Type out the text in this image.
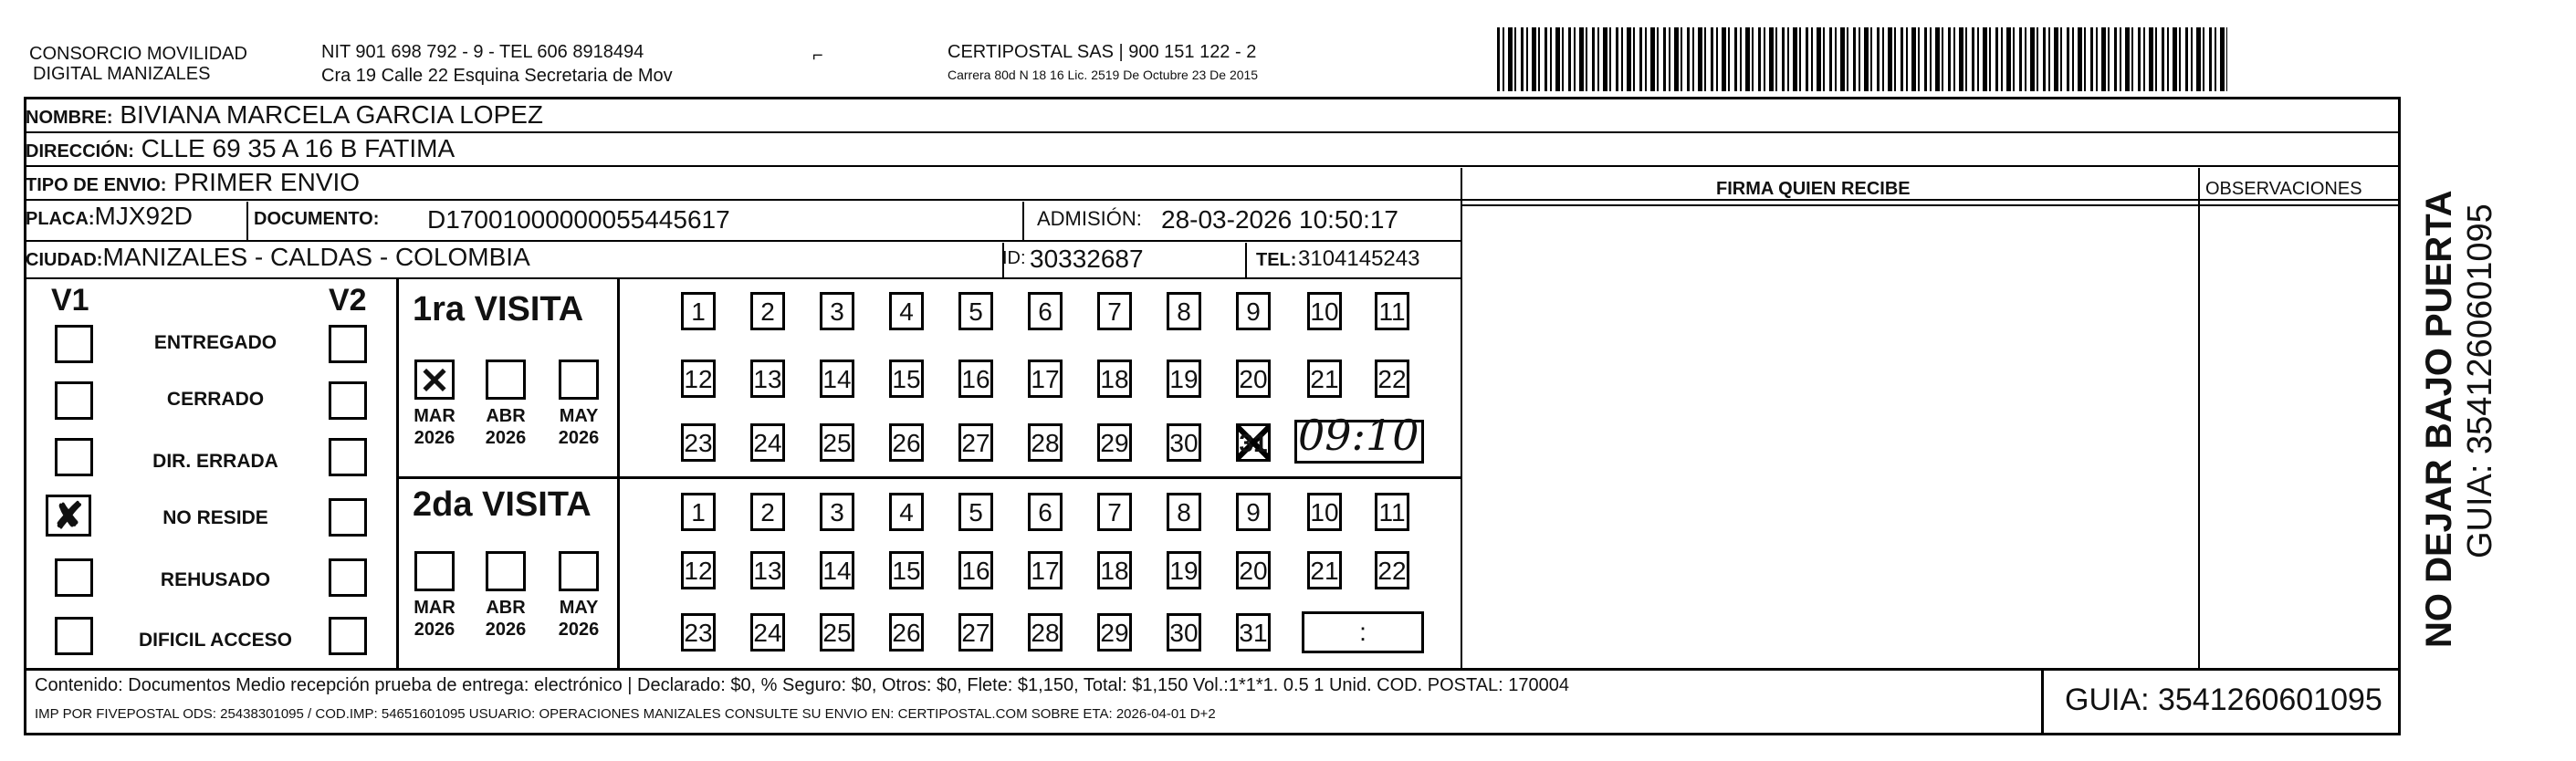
CONSORCIO MOVILIDAD
DIGITAL MANIZALES
NIT 901 698 792 - 9 - TEL 606 8918494
Cra 19 Calle 22 Esquina Secretaria de Mov
⌐	CERTIPOSTAL SAS | 900 151 122 - 2
Carrera 80d N 18 16 Lic. 2519 De Octubre 23 De 2015
NOMBRE: BIVIANA MARCELA GARCIA LOPEZ
DIRECCIÓN: CLLE 69 35 A 16 B FATIMA
TIPO DE ENVIO: PRIMER ENVIO
PLACA:MJX92D	DOCUMENTO: D17001000000055445617	ADMISIÓN: 28-03-2026 10:50:17
CIUDAD:MANIZALES - CALDAS - COLOMBIA	ID: 30332687	TEL: 3104145243
FIRMA QUIEN RECIBE	OBSERVACIONES
V1	V2
ENTREGADO
CERRADO
DIR. ERRADA
✘	NO RESIDE
REHUSADO
DIFICIL ACCESO
1ra VISITA
✕
MAR
2026
ABR
2026
MAY
2026
1	2	3	4	5	6	7	8	9	10 11
12 13 14 15 16 17 18 19 20 21 22
23 24 25 26 27 28 29 30 31 09:10
2da VISITA
MAR
2026
ABR
2026
MAY
2026
1	2	3	4	5	6	7	8	9	10 11
12 13 14 15 16 17 18 19 20 21 22
23 24 25 26 27 28 29 30 31	:
Contenido: Documentos Medio recepción prueba de entrega: electrónico | Declarado: $0, % Seguro: $0, Otros: $0, Flete: $1,150, Total: $1,150 Vol.:1*1*1. 0.5 1 Unid. COD. POSTAL: 170004
IMP POR FIVEPOSTAL ODS: 25438301095 / COD.IMP: 54651601095 USUARIO: OPERACIONES MANIZALES CONSULTE SU ENVIO EN: CERTIPOSTAL.COM SOBRE ETA: 2026-04-01 D+2	GUIA: 3541260601095
NO DEJAR BAJO PUERTA GUIA: 3541260601095
